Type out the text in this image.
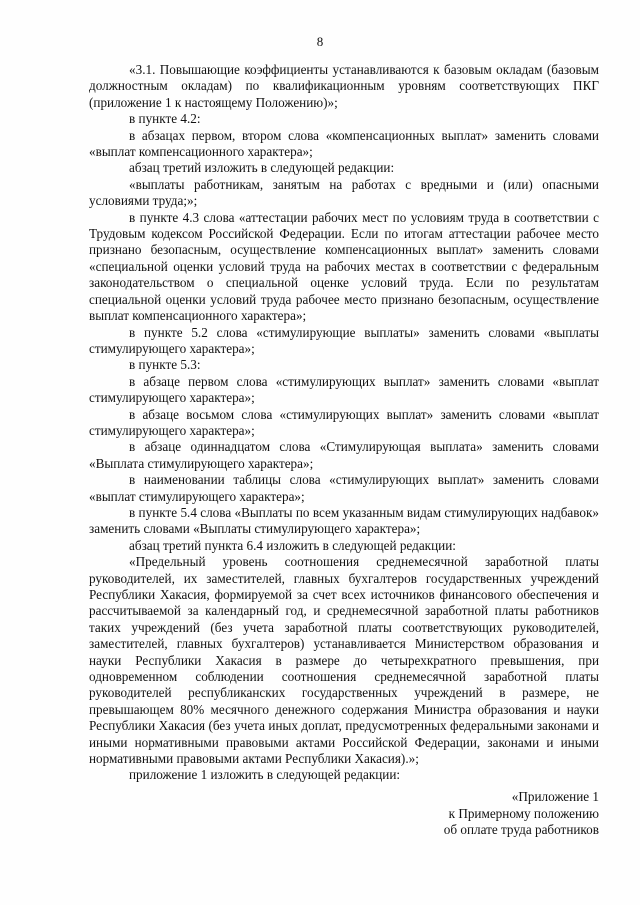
8

«3.1. Повышающие коэффициенты устанавливаются к базовым окладам (базовым должностным окладам) по квалификационным уровням соответствующих ПКГ (приложение 1 к настоящему Положению)»;

в пункте 4.2:

в абзацах первом, втором слова «компенсационных выплат» заменить словами «выплат компенсационного характера»;

абзац третий изложить в следующей редакции:

«выплаты работникам, занятым на работах с вредными и (или) опасными условиями труда;»;

в пункте 4.3 слова «аттестации рабочих мест по условиям труда в соответствии с Трудовым кодексом Российской Федерации. Если по итогам аттестации рабочее место признано безопасным, осуществление компенсационных выплат» заменить словами «специальной оценки условий труда на рабочих местах в соответствии с федеральным законодательством о специальной оценке условий труда. Если по результатам специальной оценки условий труда рабочее место признано безопасным, осуществление выплат компенсационного характера»;

в пункте 5.2 слова «стимулирующие выплаты» заменить словами «выплаты стимулирующего характера»;

в пункте 5.3:

в абзаце первом слова «стимулирующих выплат» заменить словами «выплат стимулирующего характера»;

в абзаце восьмом слова «стимулирующих выплат» заменить словами «выплат стимулирующего характера»;

в абзаце одиннадцатом слова «Стимулирующая выплата» заменить словами «Выплата стимулирующего характера»;

в наименовании таблицы слова «стимулирующих выплат» заменить словами «выплат стимулирующего характера»;

в пункте 5.4 слова «Выплаты по всем указанным видам стимулирующих надбавок» заменить словами «Выплаты стимулирующего характера»;

абзац третий пункта 6.4 изложить в следующей редакции:

«Предельный уровень соотношения среднемесячной заработной платы руководителей, их заместителей, главных бухгалтеров государственных учреждений Республики Хакасия, формируемой за счет всех источников финансового обеспечения и рассчитываемой за календарный год, и среднемесячной заработной платы работников таких учреждений (без учета заработной платы соответствующих руководителей, заместителей, главных бухгалтеров) устанавливается Министерством образования и науки Республики Хакасия в размере до четырехкратного превышения, при одновременном соблюдении соотношения среднемесячной заработной платы руководителей республиканских государственных учреждений в размере, не превышающем 80% месячного денежного содержания Министра образования и науки Республики Хакасия (без учета иных доплат, предусмотренных федеральными законами и иными нормативными правовыми актами Российской Федерации, законами и иными нормативными правовыми актами Республики Хакасия).»;

приложение 1 изложить в следующей редакции:

«Приложение 1
к Примерному положению
об оплате труда работников
